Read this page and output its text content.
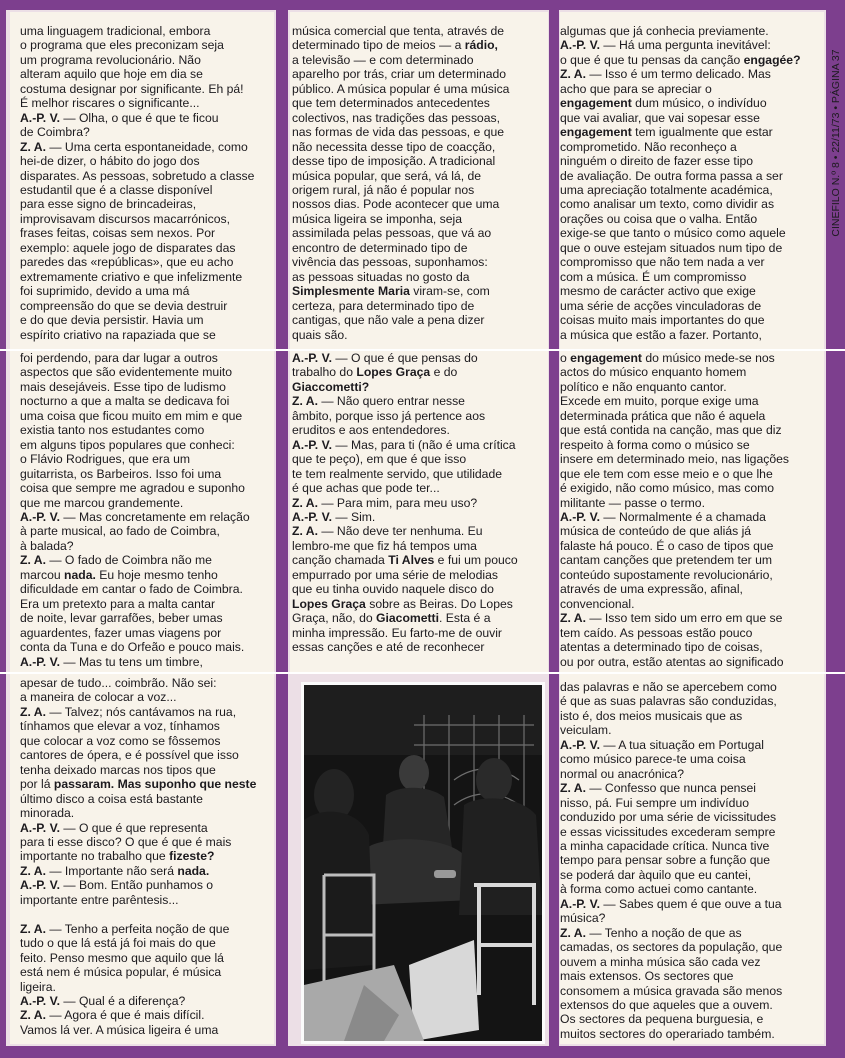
uma linguagem tradicional, embora

o programa que eles preconizam seja

um programa revolucionário. Não

alteram aquilo que hoje em dia se

costuma designar por significante. Eh pá!

É melhor riscares o significante...

A.-P. V. — Olha, o que é que te ficou

de Coimbra?

Z. A. — Uma certa espontaneidade, como

hei-de dizer, o hábito do jogo dos

disparates. As pessoas, sobretudo a classe

estudantil que é a classe disponível

para esse signo de brincadeiras,

improvisavam discursos macarrónicos,

frases feitas, coisas sem nexos. Por

exemplo: aquele jogo de disparates das

paredes das «repúblicas», que eu acho

extremamente criativo e que infelizmente

foi suprimido, devido a uma má

compreensão do que se devia destruir

e do que devia persistir. Havia um

espírito criativo na rapaziada que se

música comercial que tenta, através de

determinado tipo de meios — a rádio,

a televisão — e com determinado

aparelho por trás, criar um determinado

público. A música popular é uma música

que tem determinados antecedentes

colectivos, nas tradições das pessoas,

nas formas de vida das pessoas, e que

não necessita desse tipo de coacção,

desse tipo de imposição. A tradicional

música popular, que será, vá lá, de

origem rural, já não é popular nos

nossos dias. Pode acontecer que uma

música ligeira se imponha, seja

assimilada pelas pessoas, que vá ao

encontro de determinado tipo de

vivência das pessoas, suponhamos:

as pessoas situadas no gosto da

Simplesmente Maria viram-se, com

certeza, para determinado tipo de

cantigas, que não vale a pena dizer

quais são.

algumas que já conhecia previamente.

A.-P. V. — Há uma pergunta inevitável:

o que é que tu pensas da canção engagée?

Z. A. — Isso é um termo delicado. Mas

acho que para se apreciar o

engagement dum músico, o indivíduo

que vai avaliar, que vai sopesar esse

engagement tem igualmente que estar

comprometido. Não reconheço a

ninguém o direito de fazer esse tipo

de avaliação. De outra forma passa a ser

uma apreciação totalmente académica,

como analisar um texto, como dividir as

orações ou coisa que o valha. Então

exige-se que tanto o músico como aquele

que o ouve estejam situados num tipo de

compromisso que não tem nada a ver

com a música. É um compromisso

mesmo de carácter activo que exige

uma série de acções vinculadoras de

coisas muito mais importantes do que

a música que estão a fazer. Portanto,

foi perdendo, para dar lugar a outros

aspectos que são evidentemente muito

mais desejáveis. Esse tipo de ludismo

nocturno a que a malta se dedicava foi

uma coisa que ficou muito em mim e que

existia tanto nos estudantes como

em alguns tipos populares que conheci:

o Flávio Rodrigues, que era um

guitarrista, os Barbeiros. Isso foi uma

coisa que sempre me agradou e suponho

que me marcou grandemente.

A.-P. V. — Mas concretamente em relação

à parte musical, ao fado de Coimbra,

à balada?

Z. A. — O fado de Coimbra não me

marcou nada. Eu hoje mesmo tenho

dificuldade em cantar o fado de Coimbra.

Era um pretexto para a malta cantar

de noite, levar garrafões, beber umas

aguardentes, fazer umas viagens por

conta da Tuna e do Orfeão e pouco mais.

A.-P. V. — Mas tu tens um timbre,

A.-P. V. — O que é que pensas do

trabalho do Lopes Graça e do

Giaccometti?

Z. A. — Não quero entrar nesse

âmbito, porque isso já pertence aos

eruditos e aos entendedores.

A.-P. V. — Mas, para ti (não é uma crítica

que te peço), em que é que isso

te tem realmente servido, que utilidade

é que achas que pode ter...

Z. A. — Para mim, para meu uso?

A.-P. V. — Sim.

Z. A. — Não deve ter nenhuma. Eu

lembro-me que fiz há tempos uma

canção chamada Ti Alves e fui um pouco

empurrado por uma série de melodias

que eu tinha ouvido naquele disco do

Lopes Graça sobre as Beiras. Do Lopes

Graça, não, do Giacometti. Esta é a

minha impressão. Eu farto-me de ouvir

essas canções e até de reconhecer

o engagement do músico mede-se nos

actos do músico enquanto homem

político e não enquanto cantor.

Excede em muito, porque exige uma

determinada prática que não é aquela

que está contida na canção, mas que diz

respeito à forma como o músico se

insere em determinado meio, nas ligações

que ele tem com esse meio e o que lhe

é exigido, não como músico, mas como

militante — passe o termo.

A.-P. V. — Normalmente é a chamada

música de conteúdo de que aliás já

falaste há pouco. É o caso de tipos que

cantam canções que pretendem ter um

conteúdo supostamente revolucionário,

através de uma expressão, afinal,

convencional.

Z. A. — Isso tem sido um erro em que se

tem caído. As pessoas estão pouco

atentas a determinado tipo de coisas,

ou por outra, estão atentas ao significado

apesar de tudo... coimbrão. Não sei:

a maneira de colocar a voz...

Z. A. — Talvez; nós cantávamos na rua,

tínhamos que elevar a voz, tínhamos

que colocar a voz como se fôssemos

cantores de ópera, e é possível que isso

tenha deixado marcas nos tipos que

por lá passaram. Mas suponho que neste

último disco a coisa está bastante

minorada.

A.-P. V. — O que é que representa

para ti esse disco? O que é que é mais

importante no trabalho que fizeste?

Z. A. — Importante não será nada.

A.-P. V. — Bom. Então punhamos o

importante entre parêntesis...

Z. A. — Tenho a perfeita noção de que

tudo o que lá está já foi mais do que

feito. Penso mesmo que aquilo que lá

está nem é música popular, é música

ligeira.

A.-P. V. — Qual é a diferença?

Z. A. — Agora é que é mais difícil.

Vamos lá ver. A música ligeira é uma

das palavras e não se apercebem como

é que as suas palavras são conduzidas,

isto é, dos meios musicais que as

veiculam.

A.-P. V. — A tua situação em Portugal

como músico parece-te uma coisa

normal ou anacrónica?

Z. A. — Confesso que nunca pensei

nisso, pá. Fui sempre um indivíduo

conduzido por uma série de vicissitudes

e essas vicissitudes excederam sempre

a minha capacidade crítica. Nunca tive

tempo para pensar sobre a função que

se poderá dar àquilo que eu cantei,

à forma como actuei como cantante.

A.-P. V. — Sabes quem é que ouve a tua

música?

Z. A. — Tenho a noção de que as

camadas, os sectores da população, que

ouvem a minha música são cada vez

mais extensos. Os sectores que

consomem a música gravada são menos

extensos do que aqueles que a ouvem.

Os sectores da pequena burguesia, e

muitos sectores do operariado também.

CINEFILO N.º 8 • 22/11/73 • PÁGINA 37
